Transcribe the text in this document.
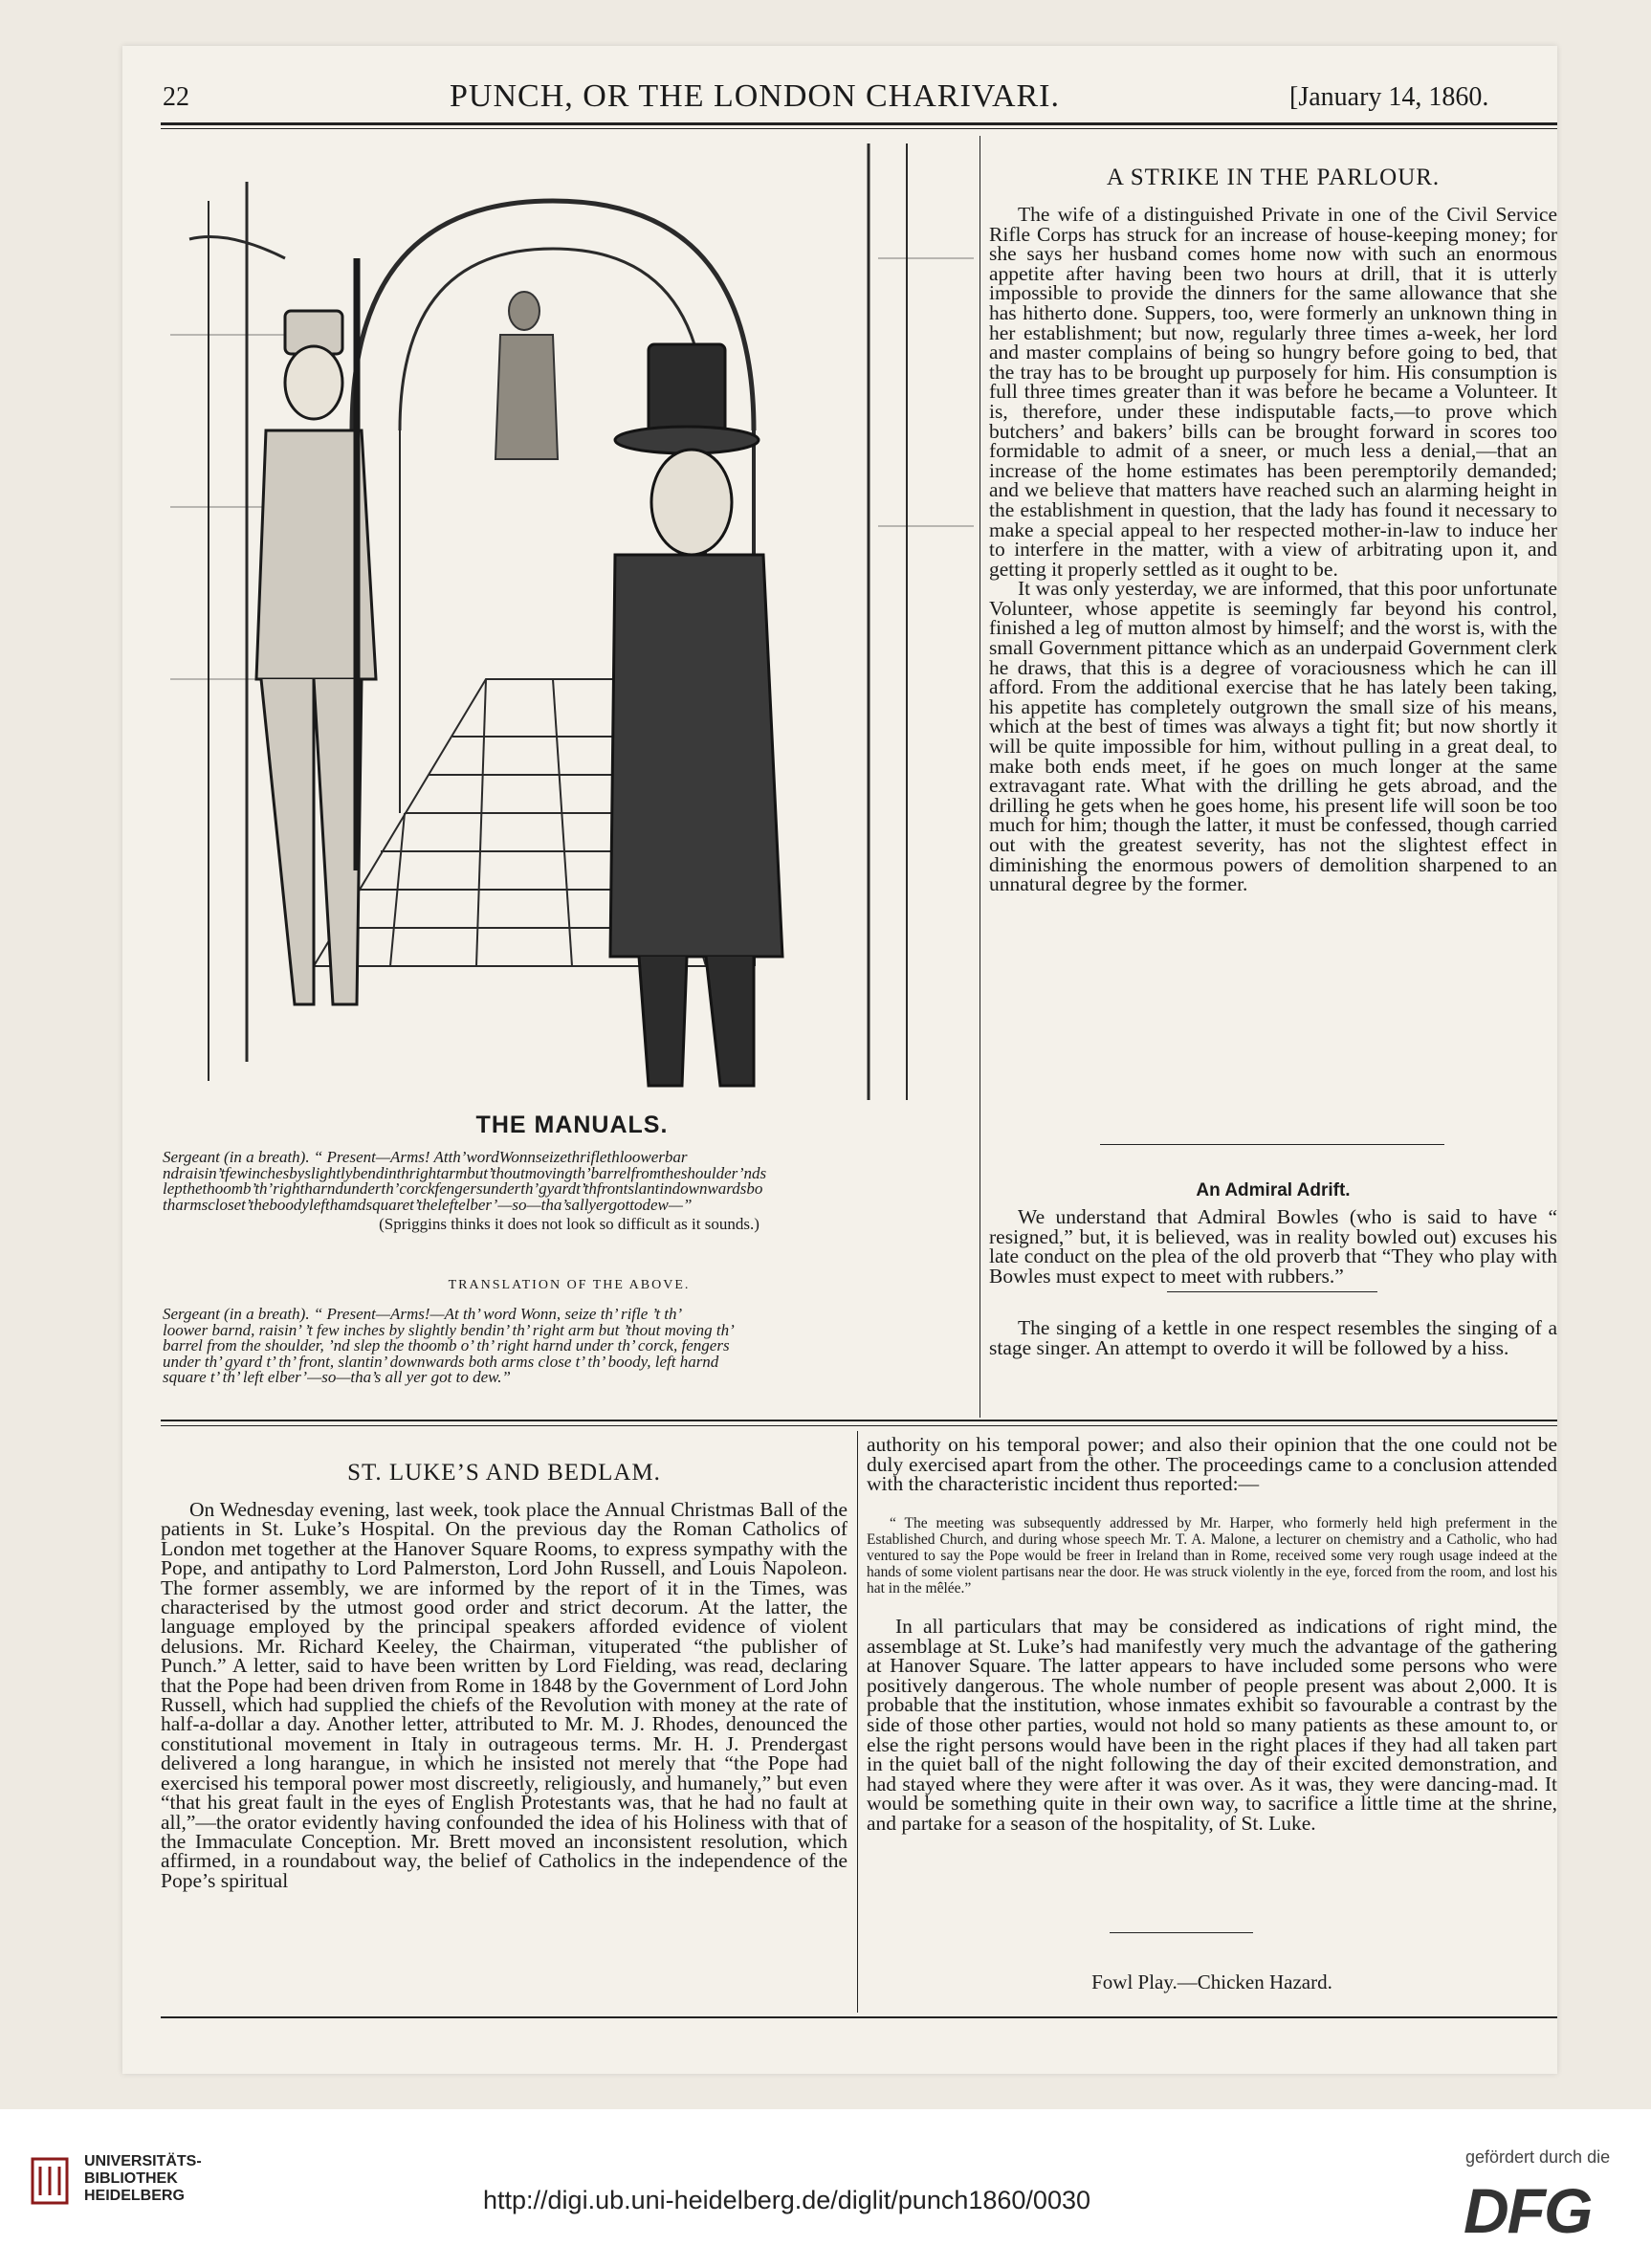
22	PUNCH, OR THE LONDON CHARIVARI.	[January 14, 1860.
THE MANUALS.
Sergeant (in a breath). “ Present—Arms! Atth’wordWonnseizethriflethloowerbar
ndraisin’tfewinchesbyslightlybendinthrightarmbut’thoutmovingth’barrelfromtheshoulder’nds
lepthethoomb’th’rightharndunderth’corckfengersunderth’gyardt’thfrontslantindownwardsbo
tharmscloset’theboodylefthamdsquaret’theleftelber’—so—tha’sallyergottodew—”
(Spriggins thinks it does not look so difficult as it sounds.)
TRANSLATION OF THE ABOVE.
Sergeant (in a breath). “ Present—Arms!—At th’ word Wonn, seize th’ rifle ’t th’
loower barnd, raisin’ ’t few inches by slightly bendin’ th’ right arm but ’thout moving th’
barrel from the shoulder, ’nd slep the thoomb o’ th’ right harnd under th’ corck, fengers
under th’ gyard t’ th’ front, slantin’ downwards both arms close t’ th’ boody, left harnd
square t’ th’ left elber’—so—tha’s all yer got to dew.”
A STRIKE IN THE PARLOUR.

The wife of a distinguished Private in one of the Civil Service Rifle Corps has struck for an increase of house-keeping money; for she says her husband comes home now with such an enormous appetite after having been two hours at drill, that it is utterly impossible to provide the dinners for the same allowance that she has hitherto done. Suppers, too, were formerly an unknown thing in her establishment; but now, regularly three times a-week, her lord and master complains of being so hungry before going to bed, that the tray has to be brought up purposely for him. His consumption is full three times greater than it was before he became a Volunteer. It is, therefore, under these indisputable facts,—to prove which butchers’ and bakers’ bills can be brought forward in scores too formidable to admit of a sneer, or much less a denial,—that an increase of the home estimates has been peremptorily demanded; and we believe that matters have reached such an alarming height in the establishment in question, that the lady has found it necessary to make a special appeal to her respected mother-in-law to induce her to interfere in the matter, with a view of arbitrating upon it, and getting it properly settled as it ought to be.

It was only yesterday, we are informed, that this poor unfortunate Volunteer, whose appetite is seemingly far beyond his control, finished a leg of mutton almost by himself; and the worst is, with the small Government pittance which as an underpaid Government clerk he draws, that this is a degree of voraciousness which he can ill afford. From the additional exercise that he has lately been taking, his appetite has completely outgrown the small size of his means, which at the best of times was always a tight fit; but now shortly it will be quite impossible for him, without pulling in a great deal, to make both ends meet, if he goes on much longer at the same extravagant rate. What with the drilling he gets abroad, and the drilling he gets when he goes home, his present life will soon be too much for him; though the latter, it must be confessed, though carried out with the greatest severity, has not the slightest effect in diminishing the enormous powers of demolition sharpened to an unnatural degree by the former.

An Admiral Adrift.

We understand that Admiral Bowles (who is said to have “ resigned,” but, it is believed, was in reality bowled out) excuses his late conduct on the plea of the old proverb that “They who play with Bowles must expect to meet with rubbers.”

The singing of a kettle in one respect resembles the singing of a stage singer. An attempt to overdo it will be followed by a hiss.

ST. LUKE’S AND BEDLAM.

On Wednesday evening, last week, took place the Annual Christmas Ball of the patients in St. Luke’s Hospital. On the previous day the Roman Catholics of London met together at the Hanover Square Rooms, to express sympathy with the Pope, and antipathy to Lord Palmerston, Lord John Russell, and Louis Napoleon. The former assembly, we are informed by the report of it in the Times, was characterised by the utmost good order and strict decorum. At the latter, the language employed by the principal speakers afforded evidence of violent delusions. Mr. Richard Keeley, the Chairman, vituperated “the publisher of Punch.” A letter, said to have been written by Lord Fielding, was read, declaring that the Pope had been driven from Rome in 1848 by the Government of Lord John Russell, which had supplied the chiefs of the Revolution with money at the rate of half-a-dollar a day. Another letter, attributed to Mr. M. J. Rhodes, denounced the constitutional movement in Italy in outrageous terms. Mr. H. J. Prendergast delivered a long harangue, in which he insisted not merely that “the Pope had exercised his temporal power most discreetly, religiously, and humanely,” but even “that his great fault in the eyes of English Protestants was, that he had no fault at all,”—the orator evidently having confounded the idea of his Holiness with that of the Immaculate Conception. Mr. Brett moved an inconsistent resolution, which affirmed, in a roundabout way, the belief of Catholics in the independence of the Pope’s spiritual

authority on his temporal power; and also their opinion that the one could not be duly exercised apart from the other. The proceedings came to a conclusion attended with the characteristic incident thus reported:—

“ The meeting was subsequently addressed by Mr. Harper, who formerly held high preferment in the Established Church, and during whose speech Mr. T. A. Malone, a lecturer on chemistry and a Catholic, who had ventured to say the Pope would be freer in Ireland than in Rome, received some very rough usage indeed at the hands of some violent partisans near the door. He was struck violently in the eye, forced from the room, and lost his hat in the mêlée.”

In all particulars that may be considered as indications of right mind, the assemblage at St. Luke’s had manifestly very much the advantage of the gathering at Hanover Square. The latter appears to have included some persons who were positively dangerous. The whole number of people present was about 2,000. It is probable that the institution, whose inmates exhibit so favourable a contrast by the side of those other parties, would not hold so many patients as these amount to, or else the right persons would have been in the right places if they had all taken part in the quiet ball of the night following the day of their excited demonstration, and had stayed where they were after it was over. As it was, they were dancing-mad. It would be something quite in their own way, to sacrifice a little time at the shrine, and partake for a season of the hospitality, of St. Luke.

Fowl Play.—Chicken Hazard.
UNIVERSITÄTS-
BIBLIOTHEK
HEIDELBERG	http://digi.ub.uni-heidelberg.de/diglit/punch1860/0030
gefördert durch die
DFG
